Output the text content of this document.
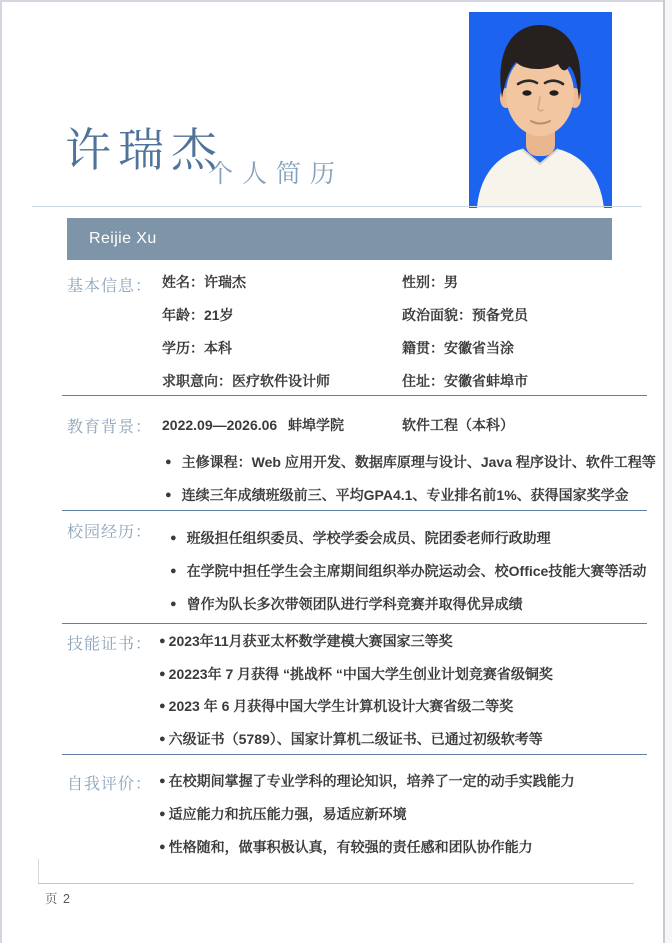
许瑞杰
个人简历
Reijie Xu
基本信息： 姓名：许瑞杰
年龄：21岁
学历：本科
求职意向：医疗软件设计师
性别：男
政治面貌：预备党员
籍贯：安徽省当涂
住址：安徽省蚌埠市
教育背景： 2022.09—2026.06 蚌埠学院	软件工程（本科）
● 主修课程：Web 应用开发、数据库原理与设计、Java 程序设计、软件工程等
● 连续三年成绩班级前三、平均GPA4.1、专业排名前1%、获得国家奖学金
校园经历： ● 班级担任组织委员、学校学委会成员、院团委老师行政助理
● 在学院中担任学生会主席期间组织举办院运动会、校Office技能大赛等活动
● 曾作为队长多次带领团队进行学科竞赛并取得优异成绩
技能证书： ● 2023年11月获亚太杯数学建模大赛国家三等奖
● 20223年 7 月获得 “挑战杯 “中国大学生创业计划竞赛省级铜奖
● 2023 年 6 月获得中国大学生计算机设计大赛省级二等奖
● 六级证书（5789）、国家计算机二级证书、已通过初级软考等
自我评价： ● 在校期间掌握了专业学科的理论知识，培养了一定的动手实践能力
● 适应能力和抗压能力强，易适应新环境
● 性格随和，做事积极认真，有较强的责任感和团队协作能力
页 2
